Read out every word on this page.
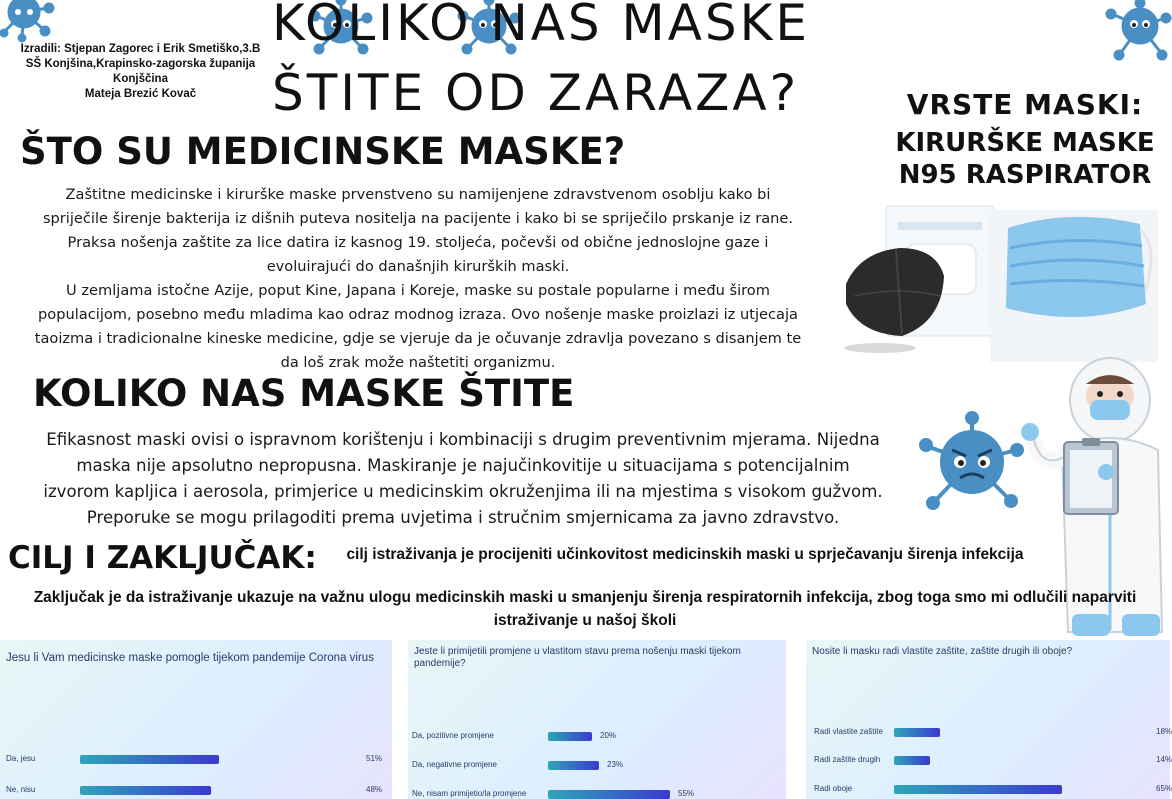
KOLIKO NAS MASKE
ŠTITE OD ZARAZA?
Izradili: Stjepan Zagorec i Erik Smetiško,3.B
SŠ Konjšina,Krapinsko-zagorska županija
Konjščina
Mateja Brezić Kovač
ŠTO SU MEDICINSKE MASKE?
Zaštitne medicinske i kirurške maske prvenstveno su namijenjene zdravstvenom osoblju kako bi
spriječile širenje bakterija iz dišnih puteva nositelja na pacijente i kako bi se spriječilo prskanje iz rane.
Praksa nošenja zaštite za lice datira iz kasnog 19. stoljeća, počevši od obične jednoslojne gaze i
evoluirajući do današnjih kirurških maski.
U zemljama istočne Azije, poput Kine, Japana i Koreje, maske su postale popularne i među širom
populacijom, posebno među mladima kao odraz modnog izraza. Ovo nošenje maske proizlazi iz utjecaja
taoizma i tradicionalne kineske medicine, gdje se vjeruje da je očuvanje zdravlja povezano s disanjem te
da loš zrak može naštetiti organizmu.
VRSTE MASKI:
KIRURŠKE MASKE
N95 RASPIRATOR
KOLIKO NAS MASKE ŠTITE
Efikasnost maski ovisi o ispravnom korištenju i kombinaciji s drugim preventivnim mjerama. Nijedna
maska nije apsolutno nepropusna. Maskiranje je najučinkovitije u situacijama s potencijalnim
izvorom kapljica i aerosola, primjerice u medicinskim okruženjima ili na mjestima s visokom gužvom.
Preporuke se mogu prilagoditi prema uvjetima i stručnim smjernicama za javno zdravstvo.
CILJ I ZAKLJUČAK:	cilj istraživanja je procijeniti učinkovitost medicinskih maski u sprječavanju širenja infekcija
Zaključak je da istraživanje ukazuje na važnu ulogu medicinskih maski u smanjenju širenja respiratornih infekcija, zbog toga smo mi odlučili naparviti istraživanje u našoj školi
Jesu li Vam medicinske maske pomogle tijekom pandemije Corona virus
Da, jesu	51%
Ne, nisu	48%
Jeste li primijetili promjene u vlastitom stavu prema nošenju maski tijekom pandemije?
Da, pozitivne promjene	20%
Da, negativne promjene	23%
Ne, nisam primijetio/la promjene	55%
Nosite li masku radi vlastite zaštite, zaštite drugih ili oboje?
Radi vlastite zaštite	18%
Radi zaštite drugih	14%
Radi oboje	65%
